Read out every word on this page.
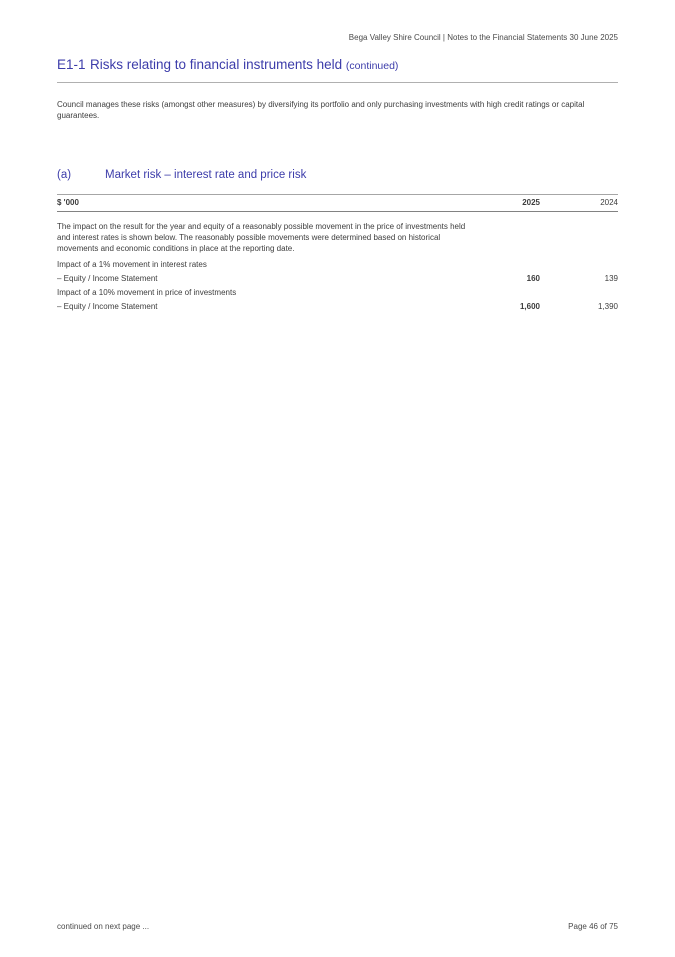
Bega Valley Shire Council | Notes to the Financial Statements 30 June 2025
E1-1 Risks relating to financial instruments held (continued)
Council manages these risks (amongst other measures) by diversifying its portfolio and only purchasing investments with high credit ratings or capital guarantees.
(a)	Market risk – interest rate and price risk
$ '000	2025	2024
The impact on the result for the year and equity of a reasonably possible movement in the price of investments held and interest rates is shown below. The reasonably possible movements were determined based on historical movements and economic conditions in place at the reporting date.
Impact of a 1% movement in interest rates
– Equity / Income Statement	160	139
Impact of a 10% movement in price of investments
– Equity / Income Statement	1,600	1,390
continued on next page ...	Page 46 of 75
